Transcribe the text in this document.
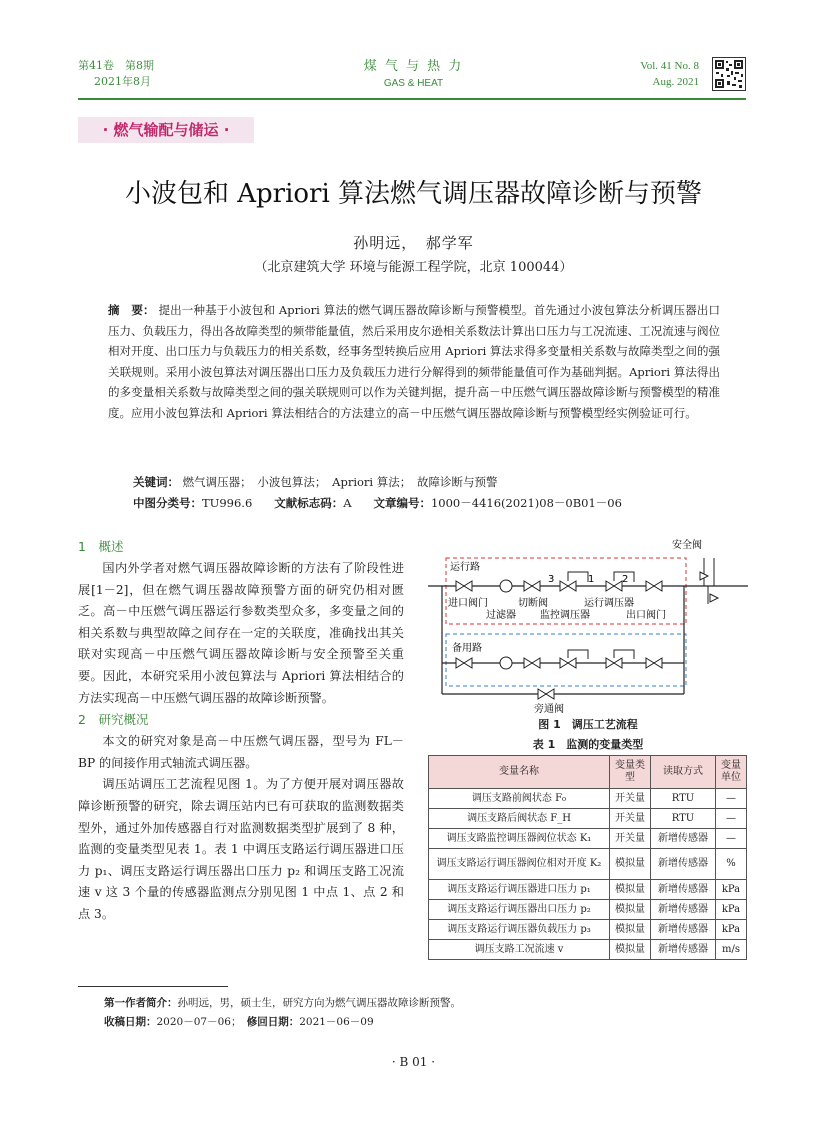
第41卷　第8期
2021年8月
煤 气 与 热 力
GAS & HEAT
Vol. 41 No. 8
Aug. 2021
· 燃气输配与储运 ·
小波包和 Apriori 算法燃气调压器故障诊断与预警
孙明远，　郝学军
（北京建筑大学 环境与能源工程学院，北京 100044）
摘　要： 提出一种基于小波包和 Apriori 算法的燃气调压器故障诊断与预警模型。首先通过小波包算法分析调压器出口压力、负载压力，得出各故障类型的频带能量值，然后采用皮尔逊相关系数法计算出口压力与工况流速、工况流速与阀位相对开度、出口压力与负载压力的相关系数，经事务型转换后应用 Apriori 算法求得多变量相关系数与故障类型之间的强关联规则。采用小波包算法对调压器出口压力及负载压力进行分解得到的频带能量值可作为基础判据。Apriori 算法得出的多变量相关系数与故障类型之间的强关联规则可以作为关键判据，提升高－中压燃气调压器故障诊断与预警模型的精准度。应用小波包算法和 Apriori 算法相结合的方法建立的高－中压燃气调压器故障诊断与预警模型经实例验证可行。
关键词： 燃气调压器；　小波包算法；　Apriori 算法；　故障诊断与预警
中图分类号：TU996.6 文献标志码：A 文章编号：1000－4416(2021)08－0B01－06
1　概述
国内外学者对燃气调压器故障诊断的方法有了阶段性进展[1－2]，但在燃气调压器故障预警方面的研究仍相对匮乏。高－中压燃气调压器运行参数类型众多，多变量之间的相关系数与典型故障之间存在一定的关联度，准确找出其关联对实现高－中压燃气调压器故障诊断与安全预警至关重要。因此，本研究采用小波包算法与 Apriori 算法相结合的方法实现高－中压燃气调压器的故障诊断预警。
2　研究概况
本文的研究对象是高－中压燃气调压器，型号为 FL－BP 的间接作用式轴流式调压器。
调压站调压工艺流程见图 1。为了方便开展对调压器故障诊断预警的研究，除去调压站内已有可获取的监测数据类型外，通过外加传感器自行对监测数据类型扩展到了 8 种，监测的变量类型见表 1。表 1 中调压支路运行调压器进口压力 p₁、调压支路运行调压器出口压力 p₂ 和调压支路工况流速 v 这 3 个量的传感器监测点分别见图 1 中点 1、点 2 和点 3。
安全阀
运行路
进口阀门
过滤器
切断阀
监控调压器
运行调压器
出口阀门
备用路
旁通阀
3	1	2
图 1　调压工艺流程
表 1　监测的变量类型
变量名称	变量类型	读取方式	变量单位
调压支路前阀状态 F₀	开关量	RTU	—
调压支路后阀状态 F_H	开关量	RTU	—
调压支路监控调压器阀位状态 K₁	开关量	新增传感器	—
调压支路运行调压器阀位相对开度 K₂	模拟量	新增传感器	%
调压支路运行调压器进口压力 p₁	模拟量	新增传感器	kPa
调压支路运行调压器出口压力 p₂	模拟量	新增传感器	kPa
调压支路运行调压器负载压力 p₃	模拟量	新增传感器	kPa
调压支路工况流速 v	模拟量	新增传感器	m/s
第一作者简介：孙明远，男，硕士生，研究方向为燃气调压器故障诊断预警。
收稿日期：2020－07－06；　 修回日期：2021－06－09
· B 01 ·
